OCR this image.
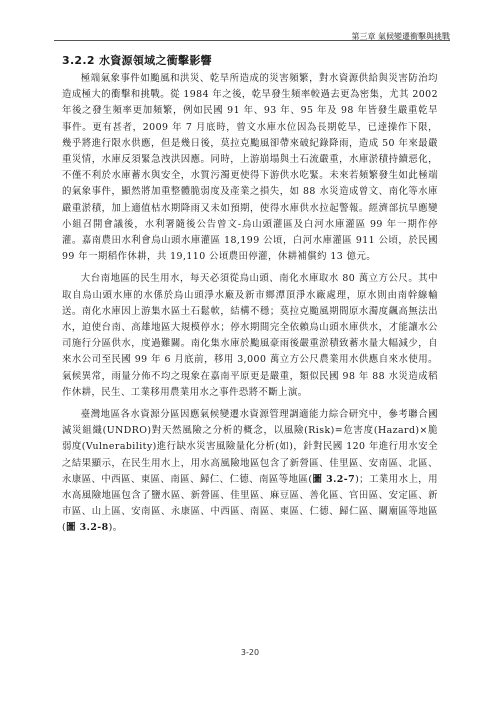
第三章 氣候變遷衝擊與挑戰
3.2.2 水資源領域之衝擊影響

極端氣象事件如颱風和洪災、乾旱所造成的災害頻繁，對水資源供給與災害防治均造成極大的衝擊和挑戰。從 1984 年之後，乾旱發生頻率較過去更為密集，尤其 2002 年後之發生頻率更加頻繁，例如民國 91 年、93 年、95 年及 98 年皆發生嚴重乾旱事件。更有甚者，2009 年 7 月底時，曾文水庫水位因為長期乾旱，已達操作下限，幾乎將進行限水供應，但是幾日後，莫拉克颱風卻帶來破紀錄降雨，造成 50 年來最嚴重災情，水庫反須緊急洩洪因應。同時，上游崩塌與土石流嚴重，水庫淤積持續惡化，不僅不利於水庫蓄水與安全，水質污濁更使得下游供水吃緊。未來若頻繁發生如此極端的氣象事件，顯然將加重整體脆弱度及產業之損失，如 88 水災造成曾文、南化等水庫嚴重淤積，加上適值枯水期降雨又未如預期，使得水庫供水拉起警報。經濟部抗旱應變小組召開會議後，水利署隨後公告曾文-烏山頭灌區及白河水庫灌區 99 年一期作停灌。嘉南農田水利會烏山頭水庫灌區 18,199 公頃，白河水庫灌區 911 公頃，於民國 99 年一期稻作休耕，共 19,110 公頃農田停灌，休耕補償約 13 億元。

大台南地區的民生用水，每天必須從烏山頭、南化水庫取水 80 萬立方公尺。其中取自烏山頭水庫的水係於烏山頭淨水廠及新市鄉潭頂淨水廠處理，原水則由南幹線輸送。南化水庫因上游集水區土石鬆軟，結構不穩；莫拉克颱風期間原水濁度飆高無法出水，迫使台南、高雄地區大規模停水；停水期間完全依賴烏山頭水庫供水，才能讓水公司施行分區供水，度過難關。南化集水庫於颱風豪雨後嚴重淤積致蓄水量大幅減少，自來水公司至民國 99 年 6 月底前，移用 3,000 萬立方公尺農業用水供應自來水使用。氣候異常，雨量分佈不均之現象在嘉南平原更是嚴重，類似民國 98 年 88 水災造成稻作休耕，民生、工業移用農業用水之事件恐將不斷上演。

臺灣地區各水資源分區因應氣候變遷水資源管理調適能力綜合研究中，參考聯合國減災組織(UNDRO)對天然風險之分析的概念，以風險(Risk)=危害度(Hazard)×脆弱度(Vulnerability)進行缺水災害風險量化分析(如)，針對民國 120 年進行用水安全之結果顯示，在民生用水上，用水高風險地區包含了新營區、佳里區、安南區、北區、永康區、中西區、東區、南區、歸仁、仁德、南區等地區(圖 3.2-7)；工業用水上，用水高風險地區包含了鹽水區、新營區、佳里區、麻豆區、善化區、官田區、安定區、新市區、山上區、安南區、永康區、中西區、南區、東區、仁德、歸仁區、關廟區等地區(圖 3.2-8)。

3-20
